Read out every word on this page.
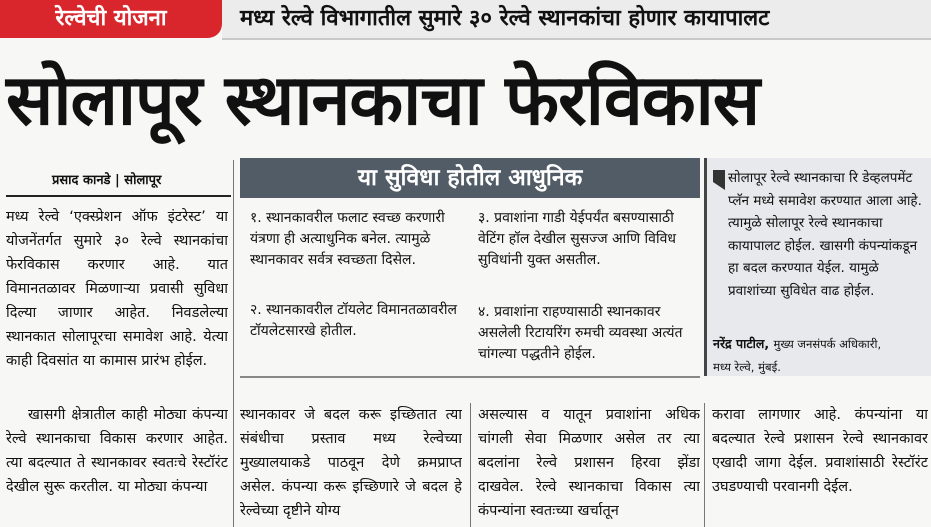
रेल्वेची योजना	मध्य रेल्वे विभागातील सुमारे ३० रेल्वे स्थानकांचा होणार कायापालट
सोलापूर स्थानकाचा फेरविकास
प्रसाद कानडे | सोलापूर
मध्य रेल्वे ‘एक्स्प्रेशन ऑफ इंटरेस्ट’ या योजनेंतर्गत सुमारे ३० रेल्वे स्थानकांचा फेरविकास करणार आहे. यात विमानतळावर मिळणाऱ्या प्रवासी सुविधा दिल्या जाणार आहेत. निवडलेल्या स्थानकात सोलापूरचा समावेश आहे. येत्या काही दिवसांत या कामास प्रारंभ होईल.
या सुविधा होतील आधुनिक
१. स्थानकावरील फलाट स्वच्छ करणारी यंत्रणा ही अत्याधुनिक बनेल. त्यामुळे स्थानकावर सर्वत्र स्वच्छता दिसेल.
२. स्थानकावरील टॉयलेट विमानतळावरील टॉयलेटसारखे होतील.
३. प्रवाशांना गाडी येईपर्यंत बसण्यासाठी वेटिंग हॉल देखील सुसज्ज आणि विविध सुविधांनी युक्त असतील.
४. प्रवाशांना राहण्यासाठी स्थानकावर असलेली रिटायरिंग रुमची व्यवस्था अत्यंत चांगल्या पद्धतीने होईल.
सोलापूर रेल्वे स्थानकाचा रि डेव्हलपमेंट प्लॅन मध्ये समावेश करण्यात आला आहे. त्यामुळे सोलापूर रेल्वे स्थानकाचा कायापालट होईल. खासगी कंपन्यांकडून हा बदल करण्यात येईल. यामुळे प्रवाशांच्या सुविधेत वाढ होईल.
नरेंद्र पाटील, मुख्य जनसंपर्क अधिकारी,
मध्य रेल्वे, मुंबई.
खासगी क्षेत्रातील काही मोठ्या कंपन्या रेल्वे स्थानकाचा विकास करणार आहेत. त्या बदल्यात ते स्थानकावर स्वतःचे रेस्टॉरंट देखील सुरू करतील. या मोठ्या कंपन्या
स्थानकावर जे बदल करू इच्छितात त्या संबंधीचा प्रस्ताव मध्य रेल्वेच्या मुख्यालयाकडे पाठवून देणे क्रमप्राप्त असेल. कंपन्या करू इच्छिणारे जे बदल हे रेल्वेच्या दृष्टीने योग्य
असल्यास व यातून प्रवाशांना अधिक चांगली सेवा मिळणार असेल तर त्या बदलांना रेल्वे प्रशासन हिरवा झेंडा दाखवेल. रेल्वे स्थानकाचा विकास त्या कंपन्यांना स्वतःच्या खर्चातून
करावा लागणार आहे. कंपन्यांना या बदल्यात रेल्वे प्रशासन रेल्वे स्थानकावर एखादी जागा देईल. प्रवाशांसाठी रेस्टॉरंट उघडण्याची परवानगी देईल.
